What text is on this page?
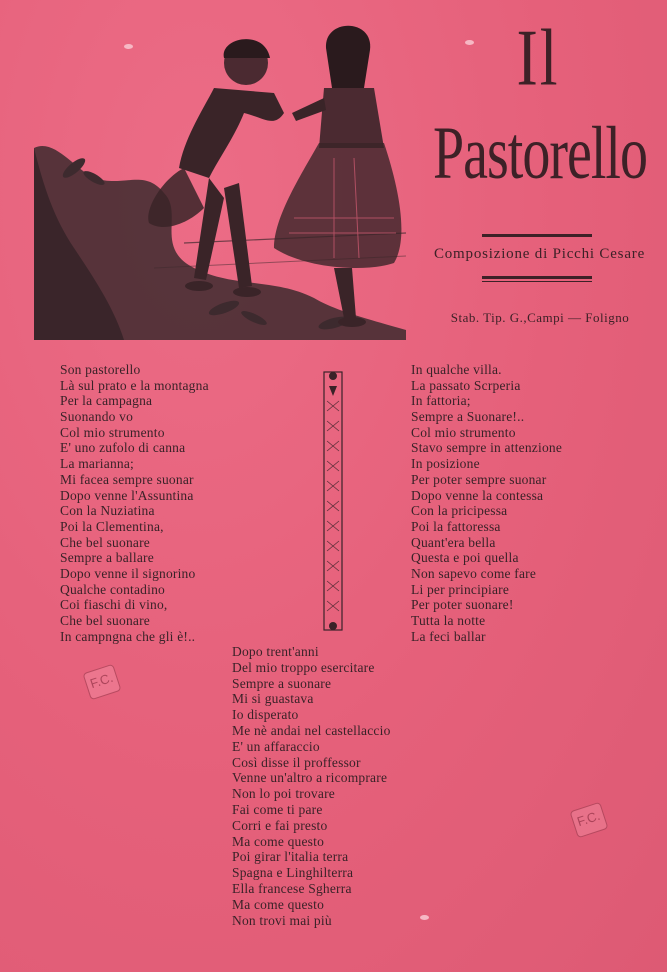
Il
Pastorello
Composizione di Picchi Cesare
Stab. Tip. G.,Campi — Foligno
Son pastorello
Là sul prato e la montagna
Per la campagna
Suonando vo
Col mio strumento
E' uno zufolo di canna
La marianna;
Mi facea sempre suonar
Dopo venne l'Assuntina
Con la Nuziatina
Poi la Clementina,
Che bel suonare
Sempre a ballare
Dopo venne il signorino
Qualche contadino
Coi fiaschi di vino,
Che bel suonare
In campngna che gli è!..
In qualche villa.
La passato Scrperia
In fattoria;
Sempre a Suonare!..
Col mio strumento
Stavo sempre in attenzione
In posizione
Per poter sempre suonar
Dopo venne la contessa
Con la pricipessa
Poi la fattoressa
Quant'era bella
Questa e poi quella
Non sapevo come fare
Li per principiare
Per poter suonare!
Tutta la notte
La feci ballar
Dopo trent'anni
Del mio troppo esercitare
Sempre a suonare
Mi si guastava
Io disperato
Me nè andai nel castellaccio
E' un affaraccio
Così disse il proffessor
Venne un'altro a ricomprare
Non lo poi trovare
Fai come ti pare
Corri e fai presto
Ma come questo
Poi girar l'italia terra
Spagna e Linghilterra
Ella francese Sgherra
Ma come questo
Non trovi mai più
F.C.
F.C.
